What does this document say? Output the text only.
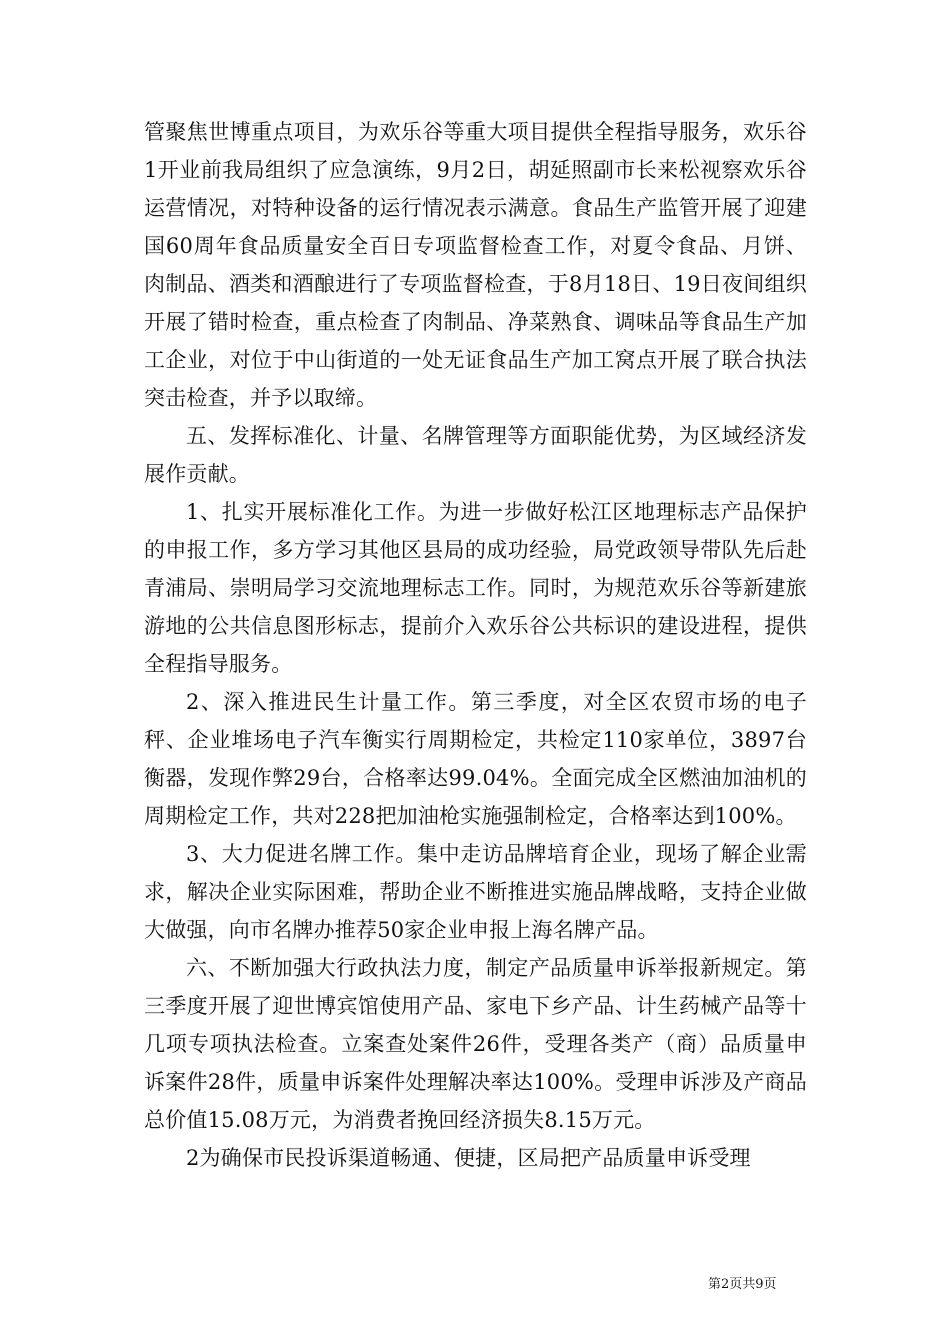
管聚焦世博重点项目，为欢乐谷等重大项目提供全程指导服务，欢乐谷1开业前我局组织了应急演练，9月2日，胡延照副市长来松视察欢乐谷运营情况，对特种设备的运行情况表示满意。食品生产监管开展了迎建国60周年食品质量安全百日专项监督检查工作，对夏令食品、月饼、肉制品、酒类和酒酿进行了专项监督检查，于8月18日、19日夜间组织开展了错时检查，重点检查了肉制品、净菜熟食、调味品等食品生产加工企业，对位于中山街道的一处无证食品生产加工窝点开展了联合执法突击检查，并予以取缔。

五、发挥标准化、计量、名牌管理等方面职能优势，为区域经济发展作贡献。

1、扎实开展标准化工作。为进一步做好松江区地理标志产品保护的申报工作，多方学习其他区县局的成功经验，局党政领导带队先后赴青浦局、崇明局学习交流地理标志工作。同时，为规范欢乐谷等新建旅游地的公共信息图形标志，提前介入欢乐谷公共标识的建设进程，提供全程指导服务。

2、深入推进民生计量工作。第三季度，对全区农贸市场的电子秤、企业堆场电子汽车衡实行周期检定，共检定110家单位，3897台衡器，发现作弊29台，合格率达99.04%。全面完成全区燃油加油机的周期检定工作，共对228把加油枪实施强制检定，合格率达到100%。

3、大力促进名牌工作。集中走访品牌培育企业，现场了解企业需求，解决企业实际困难，帮助企业不断推进实施品牌战略，支持企业做大做强，向市名牌办推荐50家企业申报上海名牌产品。

六、不断加强大行政执法力度，制定产品质量申诉举报新规定。第三季度开展了迎世博宾馆使用产品、家电下乡产品、计生药械产品等十几项专项执法检查。立案查处案件26件，受理各类产（商）品质量申诉案件28件，质量申诉案件处理解决率达100%。受理申诉涉及产商品总价值15.08万元，为消费者挽回经济损失8.15万元。

2为确保市民投诉渠道畅通、便捷，区局把产品质量申诉受理

第2页共9页
